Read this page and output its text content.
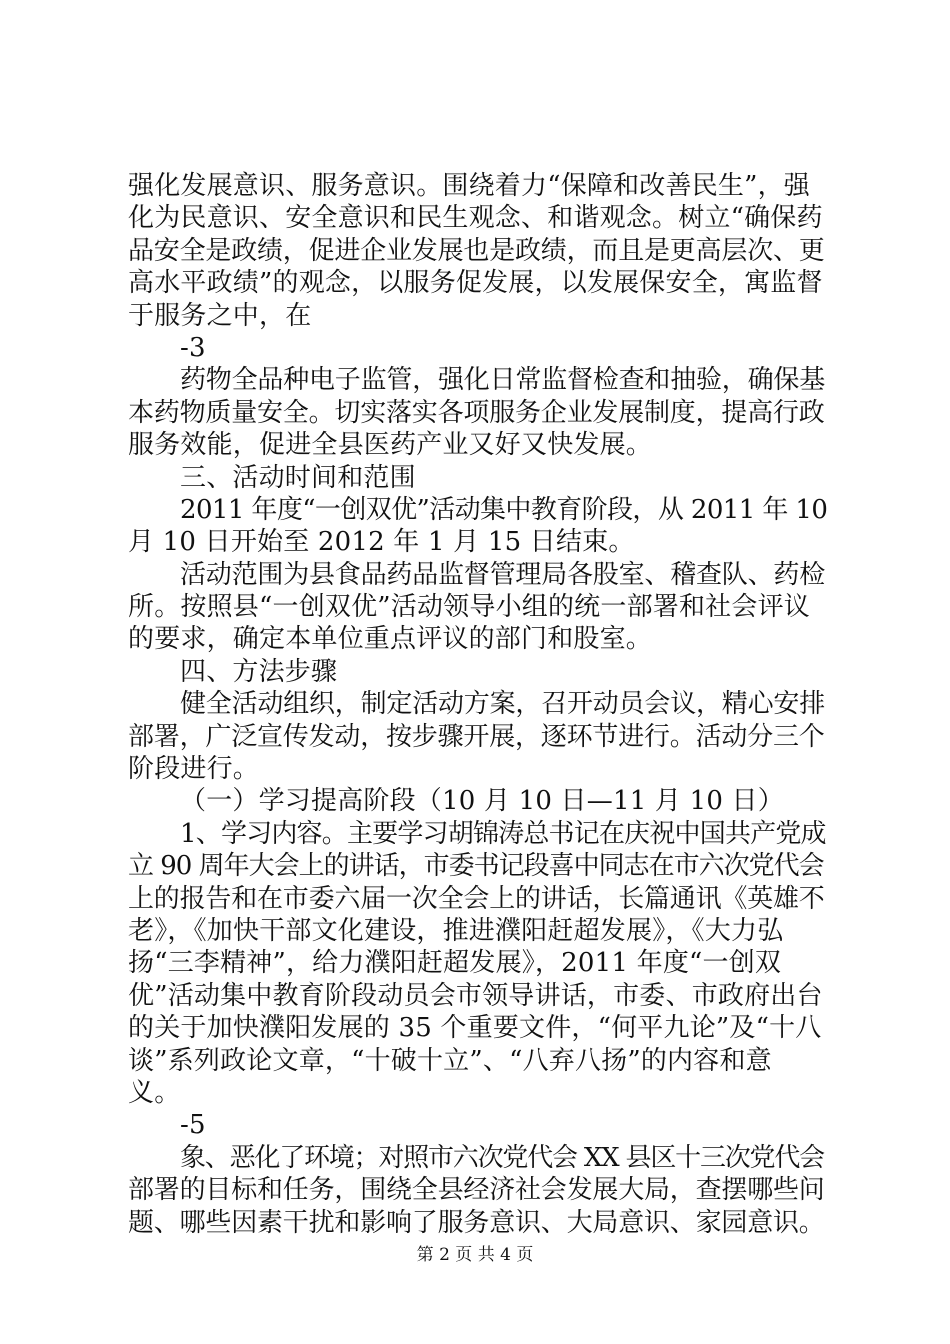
强化发展意识、服务意识。围绕着力“保障和改善民生”，强
化为民意识、安全意识和民生观念、和谐观念。树立“确保药
品安全是政绩，促进企业发展也是政绩，而且是更高层次、更
高水平政绩”的观念，以服务促发展，以发展保安全，寓监督
于服务之中，在
-3
药物全品种电子监管，强化日常监督检查和抽验，确保基
本药物质量安全。切实落实各项服务企业发展制度，提高行政
服务效能，促进全县医药产业又好又快发展。
三、活动时间和范围
2011 年度“一创双优”活动集中教育阶段，从 2011 年 10
月 10 日开始至 2012 年 1 月 15 日结束。
活动范围为县食品药品监督管理局各股室、稽查队、药检
所。按照县“一创双优”活动领导小组的统一部署和社会评议
的要求，确定本单位重点评议的部门和股室。
四、方法步骤
健全活动组织，制定活动方案，召开动员会议，精心安排
部署，广泛宣传发动，按步骤开展，逐环节进行。活动分三个
阶段进行。
（一）学习提高阶段（10 月 10 日—11 月 10 日）
1、学习内容。主要学习胡锦涛总书记在庆祝中国共产党成
立 90 周年大会上的讲话，市委书记段喜中同志在市六次党代会
上的报告和在市委六届一次全会上的讲话，长篇通讯《英雄不
老》，《加快干部文化建设，推进濮阳赶超发展》，《大力弘
扬“三李精神”，给力濮阳赶超发展》，2011 年度“一创双
优”活动集中教育阶段动员会市领导讲话，市委、市政府出台
的关于加快濮阳发展的 35 个重要文件，“何平九论”及“十八
谈”系列政论文章，“十破十立”、“八弃八扬”的内容和意
义。
-5
象、恶化了环境；对照市六次党代会 XX 县区十三次党代会
部署的目标和任务，围绕全县经济社会发展大局，查摆哪些问
题、哪些因素干扰和影响了服务意识、大局意识、家园意识。
第 2 页 共 4 页
